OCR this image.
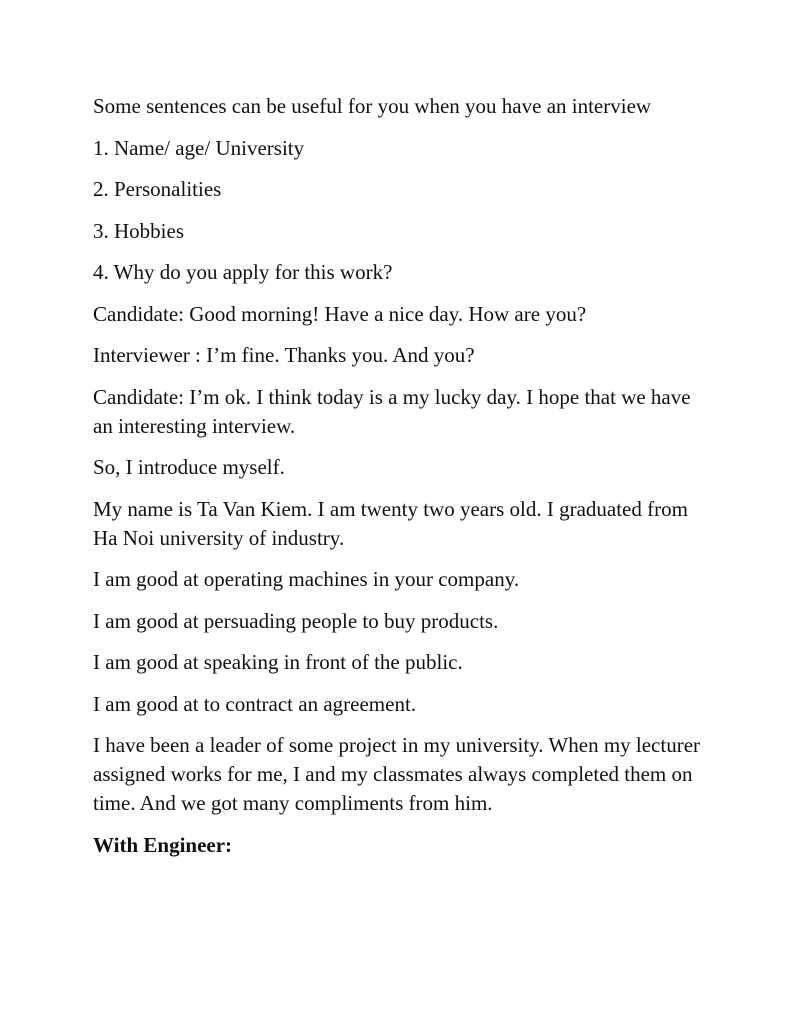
Some sentences can be useful for you when you have an interview

1. Name/ age/ University

2. Personalities

3. Hobbies

4. Why do you apply for this work?

Candidate: Good morning! Have a nice day. How are you?

Interviewer : I’m fine. Thanks you. And you?

Candidate: I’m ok. I think today is a my lucky day. I hope that we have an interesting interview.

So, I introduce myself.

My name is Ta Van Kiem. I am twenty two years old. I graduated from Ha Noi university of industry.

I am good at operating machines in your company.

I am good at persuading people to buy products.

I am good at speaking in front of the public.

I am good at to contract an agreement.

I have been a leader of some project in my university. When my lecturer assigned works for me, I and my classmates always completed them on time. And we got many compliments from him.

With Engineer:
